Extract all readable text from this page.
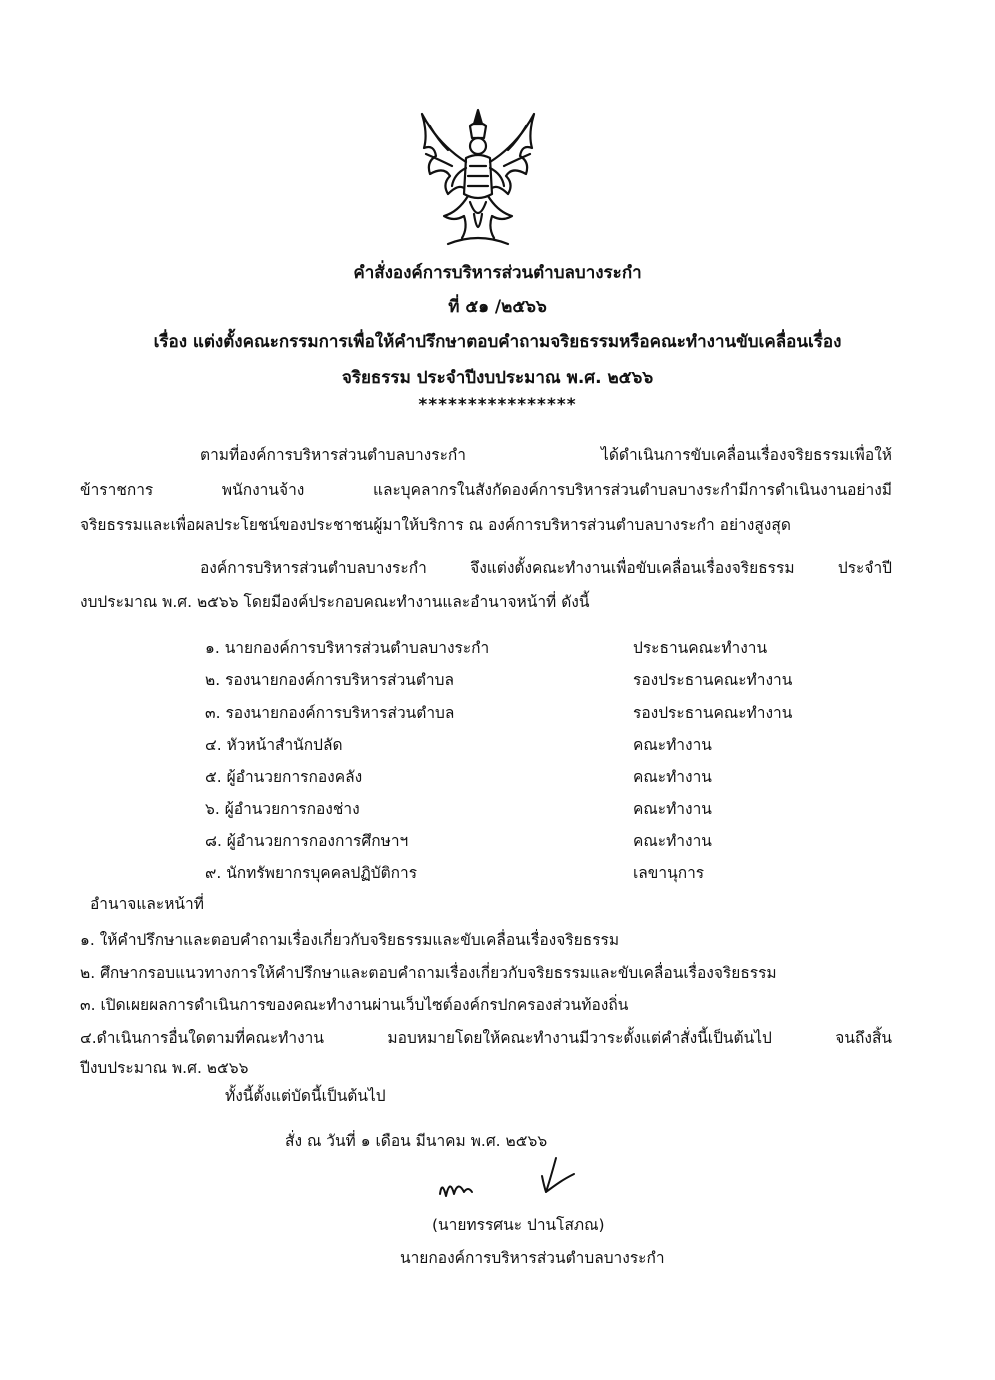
คำสั่งองค์การบริหารส่วนตำบลบางระกำ
ที่ ๕๑ /๒๕๖๖
เรื่อง แต่งตั้งคณะกรรมการเพื่อให้คำปรึกษาตอบคำถามจริยธรรมหรือคณะทำงานขับเคลื่อนเรื่อง
จริยธรรม ประจำปีงบประมาณ พ.ศ. ๒๕๖๖
****************
ตามที่องค์การบริหารส่วนตำบลบางระกำ ได้ดำเนินการขับเคลื่อนเรื่องจริยธรรมเพื่อให้
ข้าราชการ พนักงานจ้าง และบุคลากรในสังกัดองค์การบริหารส่วนตำบลบางระกำมีการดำเนินงานอย่างมี
จริยธรรมและเพื่อผลประโยชน์ของประชาชนผู้มาให้บริการ ณ องค์การบริหารส่วนตำบลบางระกำ อย่างสูงสุด
องค์การบริหารส่วนตำบลบางระกำ จึงแต่งตั้งคณะทำงานเพื่อขับเคลื่อนเรื่องจริยธรรม ประจำปี
งบประมาณ พ.ศ. ๒๕๖๖ โดยมีองค์ประกอบคณะทำงานและอำนาจหน้าที่ ดังนี้
๑. นายกองค์การบริหารส่วนตำบลบางระกำ	ประธานคณะทำงาน
๒. รองนายกองค์การบริหารส่วนตำบล	รองประธานคณะทำงาน
๓. รองนายกองค์การบริหารส่วนตำบล	รองประธานคณะทำงาน
๔. หัวหน้าสำนักปลัด	คณะทำงาน
๕. ผู้อำนวยการกองคลัง	คณะทำงาน
๖. ผู้อำนวยการกองช่าง	คณะทำงาน
๘. ผู้อำนวยการกองการศึกษาฯ	คณะทำงาน
๙. นักทรัพยากรบุคคลปฏิบัติการ	เลขานุการ
อำนาจและหน้าที่
๑. ให้คำปรึกษาและตอบคำถามเรื่องเกี่ยวกับจริยธรรมและขับเคลื่อนเรื่องจริยธรรม
๒. ศึกษากรอบแนวทางการให้คำปรึกษาและตอบคำถามเรื่องเกี่ยวกับจริยธรรมและขับเคลื่อนเรื่องจริยธรรม
๓. เปิดเผยผลการดำเนินการของคณะทำงานผ่านเว็บไซต์องค์กรปกครองส่วนท้องถิ่น
๔.ดำเนินการอื่นใดตามที่คณะทำงาน มอบหมายโดยให้คณะทำงานมีวาระตั้งแต่คำสั่งนี้เป็นต้นไป จนถึงสิ้น
ปีงบประมาณ พ.ศ. ๒๕๖๖
ทั้งนี้ตั้งแต่บัดนี้เป็นต้นไป
สั่ง ณ วันที่ ๑ เดือน มีนาคม พ.ศ. ๒๕๖๖
(นายทรรศนะ ปานโสภณ)
นายกองค์การบริหารส่วนตำบลบางระกำ
